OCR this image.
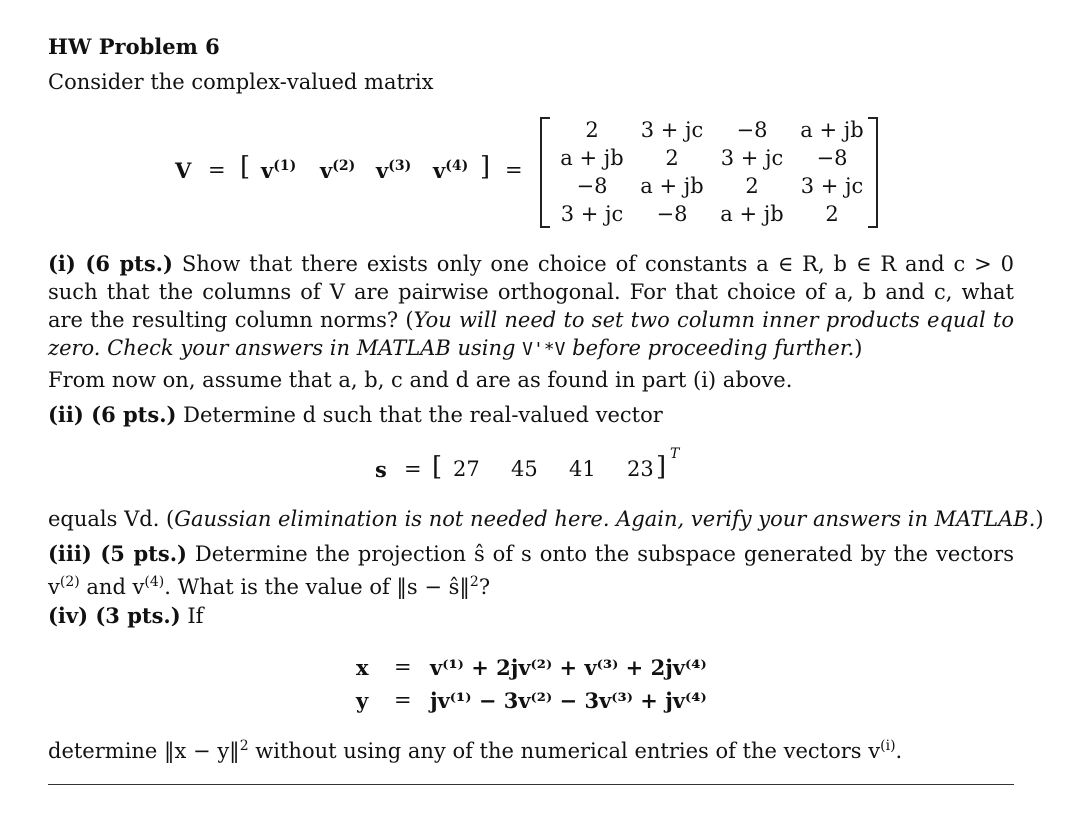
HW Problem 6
Consider the complex-valued matrix
V = [ $v^{(1)}$ $v^{(2)}$ $v^{(3)}$ $v^{(4)}$ ] =
2	3 + jc	−8	a + jb
a + jb	2	3 + jc	−8
−8	a + jb	2	3 + jc
3 + jc	−8	a + jb	2
(i) (6 pts.) Show that there exists only one choice of constants a ∈ R, b ∈ R and c > 0 such that the columns of V are pairwise orthogonal. For that choice of a, b and c, what are the resulting column norms? (You will need to set two column inner products equal to zero. Check your answers in MATLAB using V'*V before proceeding further.)
From now on, assume that a, b, c and d are as found in part (i) above.
(ii) (6 pts.) Determine d such that the real-valued vector
s = [ 27 45 41 23 ] T
equals Vd. (Gaussian elimination is not needed here. Again, verify your answers in MATLAB.)
(iii) (5 pts.) Determine the projection ŝ of s onto the subspace generated by the vectors $v^{(2)}$ and $v^{(4)}$. What is the value of ‖s − ŝ‖$^2$?
(iv) (3 pts.) If
x = v⁽¹⁾ + 2jv⁽²⁾ + v⁽³⁾ + 2jv⁽⁴⁾
y = jv⁽¹⁾ − 3v⁽²⁾ − 3v⁽³⁾ + jv⁽⁴⁾
determine ‖x − y‖$^2$ without using any of the numerical entries of the vectors $v^{(i)}$.
